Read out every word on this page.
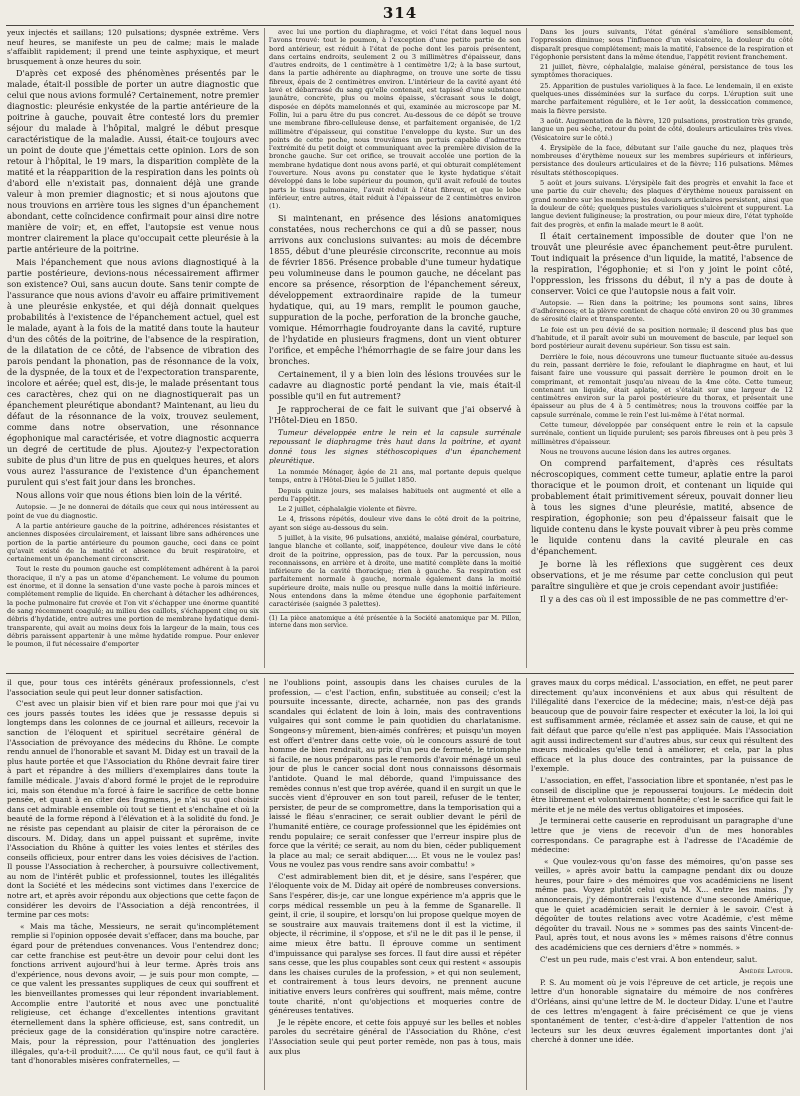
314

yeux injectés et saillans; 120 pulsations; dyspnée extrême. Vers neuf heures, se manifeste un peu de calme; mais le malade s'affaiblit rapidement; il prend une teinte asphyxique, et meurt brusquement à onze heures du soir.

D'après cet exposé des phénomènes présentés par le malade, était-il possible de porter un autre diagnostic que celui que nous avions formulé? Certainement, notre premier diagnostic: pleurésie enkystée de la partie antérieure de la poitrine à gauche, pouvait être contesté lors du premier séjour du malade à l'hôpital, malgré le début presque caractéristique de la maladie. Aussi, était-ce toujours avec un point de doute que j'émettais cette opinion. Lors de son retour à l'hôpital, le 19 mars, la disparition complète de la matité et la réapparition de la respiration dans les points où d'abord elle n'existait pas, donnaient déjà une grande valeur à mon premier diagnostic; et si nous ajoutons que nous trouvions en arrière tous les signes d'un épanchement abondant, cette coïncidence confirmait pour ainsi dire notre manière de voir; et, en effet, l'autopsie est venue nous montrer clairement la place qu'occupait cette pleurésie à la partie antérieure de la poitrine.

Mais l'épanchement que nous avions diagnostiqué à la partie postérieure, devions-nous nécessairement affirmer son existence? Oui, sans aucun doute. Sans tenir compte de l'assurance que nous avions d'avoir eu affaire primitivement à une pleurésie enkystée, et qui déjà donnait quelques probabilités à l'existence de l'épanchement actuel, quel est le malade, ayant à la fois de la matité dans toute la hauteur d'un des côtés de la poitrine, de l'absence de la respiration, de la dilatation de ce côté, de l'absence de vibration des parois pendant la phonation, pas de résonnance de la voix, de la dyspnée, de la toux et de l'expectoration transparente, incolore et aérée; quel est, dis-je, le malade présentant tous ces caractères, chez qui on ne diagnostiquerait pas un épanchement pleurétique abondant? Maintenant, au lieu du défaut de la résonnance de la voix, trouvez seulement, comme dans notre observation, une résonnance égophonique mal caractérisée, et votre diagnostic acquerra un degré de certitude de plus. Ajoutez-y l'expectoration subite de plus d'un litre de pus en quelques heures, et alors vous aurez l'assurance de l'existence d'un épanchement purulent qui s'est fait jour dans les bronches.

Nous allons voir que nous étions bien loin de la vérité.

Autopsie. — Je ne donnerai de détails que ceux qui nous intéressent au point de vue du diagnostic.

A la partie antérieure gauche de la poitrine, adhérences résistantes et anciennes disposées circulairement, et laissant libre sans adhérences une portion de la partie antérieure du poumon gauche, ceci dans ce point qu'avait existé de la matité et absence du bruit respiratoire, et certainement un épanchement circonscrit.

Tout le reste du poumon gauche est complétement adhérent à la paroi thoracique, il n'y a pas un atome d'épanchement. Le volume du poumon est énorme, et il donne la sensation d'une vaste poche à parois minces et complétement remplie de liquide. En cherchant à détacher les adhérences, la poche pulmonaire fut crevée et l'on vit s'échapper une énorme quantité de sang récemment coagulé; au milieu des caillots, s'échappent cinq ou six débris d'hydatide, entre autres une portion de membrane hydatique demi-transparente, qui avait au moins deux fois la largeur de la main, tous ces débris paraissent appartenir à une même hydatide rompue. Pour enlever le poumon, il fut nécessaire d'emporter

avec lui une portion du diaphragme, et voici l'état dans lequel nous l'avons trouvé: tout le poumon, à l'exception d'une petite partie de son bord antérieur, est réduit à l'état de poche dont les parois présentent, dans certains endroits, seulement 2 ou 3 millimètres d'épaisseur, dans d'autres endroits, de 1 centimètre à 1 centimètre 1/2; à la base surtout, dans la partie adhérente au diaphragme, on trouve une sorte de tissu fibreux, épais de 2 centimètres environ. L'intérieur de la cavité ayant été lavé et débarrassé du sang qu'elle contenait, est tapissé d'une substance jaunâtre, concrète, plus ou moins épaisse, s'écrasant sous le doigt, disposée en dépôts mamelonnés et qui, examinée au microscope par M. Follin, lui a paru être du pus concret. Au-dessous de ce dépôt se trouve une membrane fibro-celluleuse dense, et parfaitement organisée, de 1/2 millimètre d'épaisseur, qui constitue l'enveloppe du kyste. Sur un des points de cette poche, nous trouvâmes un pertuis capable d'admettre l'extrémité du petit doigt et communiquant avec la première division de la bronche gauche. Sur cet orifice, se trouvait accolée une portion de la membrane hydatique dont nous avons parlé, et qui obturait complétement l'ouverture. Nous avons pu constater que le kyste hydatique s'était développé dans le lobe supérieur du poumon, qu'il avait refoulé de toutes parts le tissu pulmonaire, l'avait réduit à l'état fibreux, et que le lobe inférieur, entre autres, était réduit à l'épaisseur de 2 centimètres environ (1).

Si maintenant, en présence des lésions anatomiques constatées, nous recherchons ce qui a dû se passer, nous arrivons aux conclusions suivantes: au mois de décembre 1855, début d'une pleurésie circonscrite, reconnue au mois de février 1856. Présence probable d'une tumeur hydatique peu volumineuse dans le poumon gauche, ne décelant pas encore sa présence, résorption de l'épanchement séreux, développement extraordinaire rapide de la tumeur hydatique, qui, au 19 mars, remplit le poumon gauche, suppuration de la poche, perforation de la bronche gauche, vomique. Hémorrhagie foudroyante dans la cavité, rupture de l'hydatide en plusieurs fragmens, dont un vient obturer l'orifice, et empêche l'hémorrhagie de se faire jour dans les bronches.

Certainement, il y a bien loin des lésions trouvées sur le cadavre au diagnostic porté pendant la vie, mais était-il possible qu'il en fut autrement?

Je rapprocherai de ce fait le suivant que j'ai observé à l'Hôtel-Dieu en 1850.

Tumeur développée entre le rein et la capsule surrénale repoussant le diaphragme très haut dans la poitrine, et ayant donné tous les signes stéthoscopiques d'un épanchement pleurétique.

La nommée Ménager, âgée de 21 ans, mal portante depuis quelque temps, entre à l'Hôtel-Dieu le 5 juillet 1850.

Depuis quinze jours, ses malaises habituels ont augmenté et elle a perdu l'appétit.

Le 2 juillet, céphalalgie violente et fièvre.

Le 4, frissons répétés, douleur vive dans le côté droit de la poitrine, ayant son siége au-dessous du sein.

5 juillet, à la visite, 96 pulsations, anxiété, malaise général, courbature, langue blanche et collante, soif, inappétence, douleur vive dans le côté droit de la poitrine, oppression, pas de toux. Par la percussion, nous reconnaissons, en arrière et à droite, une matité complète dans la moitié inférieure de la cavité thoracique; rien à gauche. Sa respiration est parfaitement normale à gauche, normale également dans la moitié supérieure droite, mais nulle ou presque nulle dans la moitié inférieure. Nous entendons dans la même étendue une égophonie parfaitement caractérisée (saignée 3 palettes).

(1) La pièce anatomique a été présentée à la Société anatomique par M. Pillon, interne dans mon service.

Dans les jours suivants, l'état général s'améliore sensiblement, l'oppression diminue; sous l'influence d'un vésicatoire, la douleur du côté disparaît presque complétement; mais la matité, l'absence de la respiration et l'égophonie persistent dans la même étendue, l'appétit revient franchement.

21 juillet, fièvre, céphalalgie, malaise général, persistance de tous les symptômes thoraciques.

25. Apparition de pustules varioliques à la face. Le lendemain, il en existe quelques-unes disséminées sur la surface du corps. L'éruption suit une marche parfaitement régulière, et le 1er août, la dessiccation commence, mais la fièvre persiste.

3 août. Augmentation de la fièvre, 120 pulsations, prostration très grande, langue un peu sèche, retour du point de côté, douleurs articulaires très vives. (Vésicatoire sur le côté.)

4. Érysipèle de la face, débutant sur l'aile gauche du nez, plaques très nombreuses d'érythème noueux sur les membres supérieurs et inférieurs, persistance des douleurs articulaires et de la fièvre; 116 pulsations. Mêmes résultats stéthoscopiques.

5 août et jours suivans. L'érysipèle fait des progrès et envahit la face et une partie du cuir chevelu; des plaques d'érythème noueux paraissent en grand nombre sur les membres; les douleurs articulaires persistent, ainsi que la douleur de côté; quelques pustules varioliques s'ulcèrent et suppurent. La langue devient fuligineuse; la prostration, ou pour mieux dire, l'état typhoïde fait des progrès, et enfin la malade meurt le 8 août.

Il était certainement impossible de douter que l'on ne trouvât une pleurésie avec épanchement peut-être purulent. Tout indiquait la présence d'un liquide, la matité, l'absence de la respiration, l'égophonie; et si l'on y joint le point côté, l'oppression, les frissons du début, il n'y a pas de doute à conserver. Voici ce que l'autopsie nous a fait voir.

Autopsie. — Rien dans la poitrine; les poumons sont sains, libres d'adhérences; et la plèvre contient de chaque côté environ 20 ou 30 grammes de sérosité claire et transparente.

Le foie est un peu dévié de sa position normale; il descend plus bas que d'habitude, et il paraît avoir subi un mouvement de bascule, par lequel son bord postérieur aurait devenu supérieur. Son tissu est sain.

Derrière le foie, nous découvrons une tumeur fluctuante située au-dessus du rein, passant derrière le foie, refoulant le diaphragme en haut, et lui faisant faire une voussure qui passait derrière le poumon droit en le comprimant, et remontait jusqu'au niveau de la 4me côte. Cette tumeur, contenant un liquide, était aplatie, et s'étalait sur une largeur de 12 centimètres environ sur la paroi postérieure du thorax, et présentait une épaisseur au plus de 4 à 5 centimètres; nous la trouvons coiffée par la capsule surrénale, comme le rein l'est lui-même à l'état normal.

Cette tumeur, développée par conséquent entre le rein et la capsule surrénale, contient un liquide purulent; ses parois fibreuses ont à peu près 3 millimètres d'épaisseur.

Nous ne trouvons aucune lésion dans les autres organes.

On comprend parfaitement, d'après ces résultats nécroscopiques, comment cette tumeur, aplatie entre la paroi thoracique et le poumon droit, et contenant un liquide qui probablement était primitivement séreux, pouvait donner lieu à tous les signes d'une pleurésie, matité, absence de respiration, égophonie; son peu d'épaisseur faisait que le liquide contenu dans le kyste pouvait vibrer à peu près comme le liquide contenu dans la cavité pleurale en cas d'épanchement.

Je borne là les réflexions que suggèrent ces deux observations, et je me résume par cette conclusion qui peut paraître singulière et que je crois cependant avoir justifiée:

Il y a des cas où il est impossible de ne pas commettre d'er-

il que, pour tous ces intérêts généraux professionnels, c'est l'association seule qui peut leur donner satisfaction.

C'est avec un plaisir bien vif et bien rare pour moi que j'ai vu ces jours passés toutes les idées que je ressasse depuis si longtemps dans les colonnes de ce journal et ailleurs, recevoir la sanction de l'éloquent et spirituel secrétaire général de l'Association de prévoyance des médecins du Rhône. Le compte rendu annuel de l'honorable et savant M. Diday est un travail de la plus haute portée et que l'Association du Rhône devrait faire tirer à part et répandre à des milliers d'exemplaires dans toute la famille médicale. J'avais d'abord formé le projet de le reproduire ici, mais son étendue m'a forcé à faire le sacrifice de cette bonne pensée, et quant à en citer des fragmens, je n'ai su quoi choisir dans cet admirable ensemble où tout se tient et s'enchaîne et où la beauté de la forme répond à l'élévation et à la solidité du fond. Je ne résiste pas cependant au plaisir de citer la péroraison de ce discours. M. Diday, dans un appel puissant et suprême, invite l'Association du Rhône à quitter les voies lentes et stériles des conseils officieux, pour entrer dans les voies décisives de l'action. Il pousse l'Association à rechercher, à poursuivre collectivement, au nom de l'intérêt public et professionnel, toutes les illégalités dont la Société et les médecins sont victimes dans l'exercice de notre art, et après avoir répondu aux objections que cette façon de considérer les devoirs de l'Association a déjà rencontrées, il termine par ces mots:

« Mais ma tâche, Messieurs, ne serait qu'incomplétement remplie si l'opinion opposée devait s'effacer, dans ma bouche, par égard pour de prétendues convenances. Vous l'entendrez donc; car cette franchise est peut-être un devoir pour celui dont les fonctions arrivent aujourd'hui à leur terme. Après trois ans d'expérience, nous devons avoir, — je suis pour mon compte, — ce que valent les pressantes suppliques de ceux qui souffrent et les bienveillantes promesses qui leur répondent invariablement. Accomplie entre l'autorité et nous avec une ponctualité religieuse, cet échange d'excellentes intentions gravitant éternellement dans la sphère officieuse, est, sans contredit, un précieux gage de la considération qu'inspire notre caractère. Mais, pour la répression, pour l'atténuation des jongleries illégales, qu'a-t-il produit?...... Ce qu'il nous faut, ce qu'il faut à tant d'honorables misères confraternelles, —

ne l'oublions point, assoupis dans les chaises curules de la profession, — c'est l'action, enfin, substituée au conseil; c'est la poursuite incessante, directe, acharnée, non pas des grands scandales qui éclatent de loin à loin, mais des contraventions vulgaires qui sont comme le pain quotidien du charlatanisme. Songeons-y mûrement, bien-aimés confrères; et puisqu'un moyen est offert d'entrer dans cette voie, où le concours assuré de tout homme de bien rendrait, au prix d'un peu de fermeté, le triomphe si facile, ne nous préparons pas le remords d'avoir ménagé un seul jour de plus le cancer social dont nous connaissons désormais l'antidote. Quand le mal déborde, quand l'impuissance des remèdes connus n'est que trop avérée, quand il en surgit un que le succès vient d'éprouver en son tout pareil, refuser de le tenter, persister, de peur de se compromettre, dans la temporisation qui a laissé le fléau s'enraciner, ce serait oublier devant le péril de l'humanité entière, ce courage professionnel que les épidémies ont rendu populaire; ce serait confesser que l'erreur inspire plus de force que la vérité; ce serait, au nom du bien, céder publiquement la place au mal; ce serait abdiquer..... Et vous ne le voulez pas! Vous ne voulez pas vous rendre sans avoir combattu! »

C'est admirablement bien dit, et je désire, sans l'espérer, que l'éloquente voix de M. Diday ait opéré de nombreuses conversions. Sans l'espérer, dis-je, car une longue expérience m'a appris que le corps médical ressemble un peu à la femme de Sganarelle. Il geint, il crie, il soupire, et lorsqu'on lui propose quelque moyen de se soustraire aux mauvais traitemens dont il est la victime, il objecte, il récrimine, il s'oppose, et s'il ne le dit pas il le pense, il aime mieux être battu. Il éprouve comme un sentiment d'impuissance qui paralyse ses forces. Il faut dire aussi et répéter sans cesse, que les plus coupables sont ceux qui restent « assoupis dans les chaises curules de la profession, » et qui non seulement, et contrairement à tous leurs devoirs, ne prennent aucune initiative envers leurs confrères qui souffrent, mais même, contre toute charité, n'ont qu'objections et moqueries contre de généreuses tentatives.

Je le répète encore, et cette fois appuyé sur les belles et nobles paroles du secrétaire général de l'Association du Rhône, c'est l'Association seule qui peut porter remède, non pas à tous, mais aux plus

graves maux du corps médical. L'association, en effet, ne peut parer directement qu'aux inconvéniens et aux abus qui résultent de l'illégalité dans l'exercice de la médecine; mais, n'est-ce déjà pas beaucoup que de pouvoir faire respecter et exécuter la loi, la loi qui est suffisamment armée, réclamée et assez sain de cause, et qui ne fait défaut que parce qu'elle n'est pas appliquée. Mais l'Association agit aussi indirectement sur d'autres abus, sur ceux qui résultent des mœurs médicales qu'elle tend à améliorer, et cela, par la plus efficace et la plus douce des contraintes, par la puissance de l'exemple.

L'association, en effet, l'association libre et spontanée, n'est pas le conseil de discipline que je repousserai toujours. Le médecin doit être librement et volontairement honnête; c'est le sacrifice qui fait le mérite et je ne méle des vertus obligatoires et imposées.

Je terminerai cette causerie en reproduisant un paragraphe d'une lettre que je viens de recevoir d'un de mes honorables correspondans. Ce paragraphe est à l'adresse de l'Académie de médecine:

« Que voulez-vous qu'on fasse des mémoires, qu'on passe ses veilles, » après avoir battu la campagne pendant dix ou douze heures, pour faire » des mémoires que vos académiciens ne lisent même pas. Voyez plutôt celui qu'a M. X... entre les mains. J'y annoncerais, j'y démontrerais l'existence d'une seconde Amérique, que le quiet académicien serait le dernier à le savoir. C'est à dégoûter de toutes relations avec votre Académie, c'est même dégoûter du travail. Nous ne » sommes pas des saints Vincent-de-Paul, après tout, et nous avons les » mêmes raisons d'être connus des académiciens que ces derniers d'être » nommés. »

C'est un peu rude, mais c'est vrai. A bon entendeur, salut.

Amédée Latour.

P. S. Au moment où je vois l'épreuve de cet article, je reçois une lettre d'un honorable signataire du mémoire de nos confrères d'Orléans, ainsi qu'une lettre de M. le docteur Diday. L'une et l'autre de ces lettres m'engagent à faire précisément ce que je viens spontanément de tenter, c'est-à-dire d'appeler l'attention de nos lecteurs sur les deux œuvres également importantes dont j'ai cherché à donner une idée.
